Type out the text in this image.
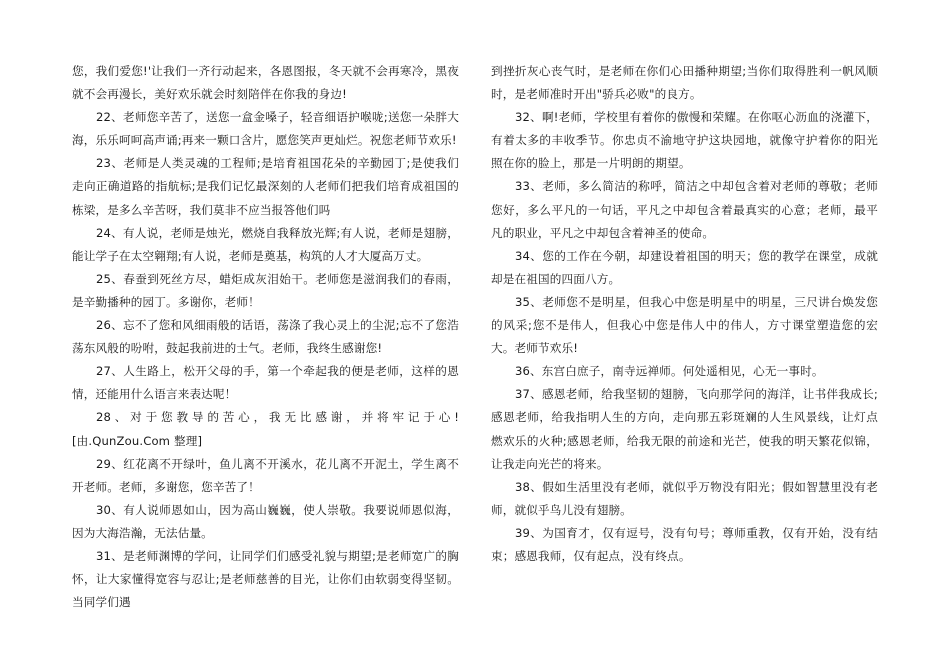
您，我们爱您!'让我们一齐行动起来，各恩图报，冬天就不会再寒冷，黑夜就不会再漫长，美好欢乐就会时刻陪伴在你我的身边!

22、老师您辛苦了，送您一盒金嗓子，轻音细语护喉咙;送您一朵胖大海，乐乐呵呵高声诵;再来一颗口含片，愿您笑声更灿烂。祝您老师节欢乐!

23、老师是人类灵魂的工程师;是培育祖国花朵的辛勤园丁;是使我们走向正确道路的指航标;是我们记忆最深刻的人老师们把我们培育成祖国的栋梁，是多么辛苦呀，我们莫非不应当报答他们吗

24、有人说，老师是烛光，燃烧自我释放光辉;有人说，老师是翅膀，能让学子在太空翱翔;有人说，老师是奠基，构筑的人才大厦高万丈。

25、春蚕到死丝方尽，蜡炬成灰泪始干。老师您是滋润我们的春雨，是辛勤播种的园丁。多谢你，老师！

26、忘不了您和风细雨般的话语，荡涤了我心灵上的尘泥;忘不了您浩荡东风般的吩咐，鼓起我前进的士气。老师，我终生感谢您!

27、人生路上，松开父母的手，第一个牵起我的便是老师，这样的恩情，还能用什么语言来表达呢！

28、对于您教导的苦心，我无比感谢，并将牢记于心![由.QunZou.Com 整理]

29、红花离不开绿叶，鱼儿离不开溪水，花儿离不开泥土，学生离不开老师。老师，多谢您，您辛苦了！

30、有人说师恩如山，因为高山巍巍，使人崇敬。我要说师恩似海，因为大海浩瀚，无法估量。

31、是老师渊博的学问，让同学们们感受礼貌与期望;是老师宽广的胸怀，让大家懂得宽容与忍让;是老师慈善的目光，让你们由软弱变得坚韧。当同学们遇

到挫折灰心丧气时，是老师在你们心田播种期望;当你们取得胜利一帆风顺时，是老师准时开出"骄兵必败"的良方。

32、啊!老师，学校里有着你的傲慢和荣耀。在你呕心沥血的浇灌下，有着太多的丰收季节。你忠贞不渝地守护这块园地，就像守护着你的阳光照在你的脸上，那是一片明朗的期望。

33、老师，多么简洁的称呼，简洁之中却包含着对老师的尊敬；老师您好，多么平凡的一句话，平凡之中却包含着最真实的心意；老师，最平凡的职业，平凡之中却包含着神圣的使命。

34、您的工作在今朝，却建设着祖国的明天；您的教学在课堂，成就却是在祖国的四面八方。

35、老师您不是明星，但我心中您是明星中的明星，三尺讲台焕发您的风采;您不是伟人，但我心中您是伟人中的伟人，方寸课堂塑造您的宏大。老师节欢乐!

36、东宫白庶子，南寺远禅师。何处遥相见，心无一事时。

37、感恩老师，给我坚韧的翅膀，飞向那学问的海洋，让书伴我成长;感恩老师，给我指明人生的方向，走向那五彩斑斓的人生风景线，让灯点燃欢乐的火种;感恩老师，给我无限的前途和光芒，使我的明天繁花似锦，让我走向光芒的将来。

38、假如生活里没有老师，就似乎万物没有阳光；假如智慧里没有老师，就似乎鸟儿没有翅膀。

39、为国育才，仅有逗号，没有句号；尊师重教，仅有开始，没有结束；感恩我师，仅有起点，没有终点。
